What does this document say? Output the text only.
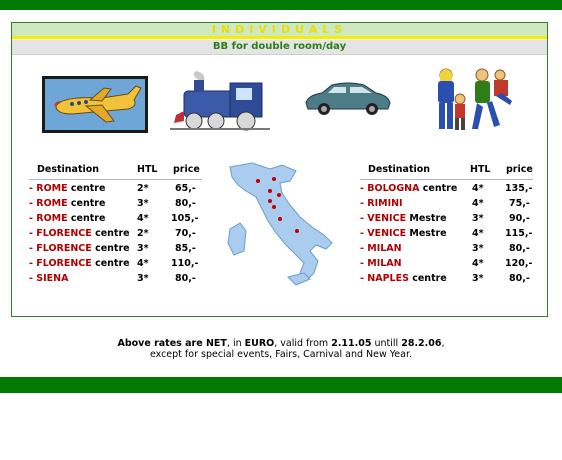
INDIVIDUALS
BB for double room/day
Destination	HTL price
- ROME centre	2*	65,-
- ROME centre	3*	80,-
- ROME centre	4* 105,-
- FLORENCE centre 2*	70,-
- FLORENCE centre 3*	85,-
- FLORENCE centre 4* 110,-
- SIENA	3*	80,-
Destination	HTL price
- BOLOGNA centre 4* 135,-
- RIMINI	4*	75,-
- VENICE Mestre	3*	90,-
- VENICE Mestre	4* 115,-
- MILAN	3*	80,-
- MILAN	4* 120,-
- NAPLES centre	3*	80,-
Above rates are NET, in EURO, valid from 2.11.05 untill 28.2.06,
except for special events, Fairs, Carnival and New Year.
